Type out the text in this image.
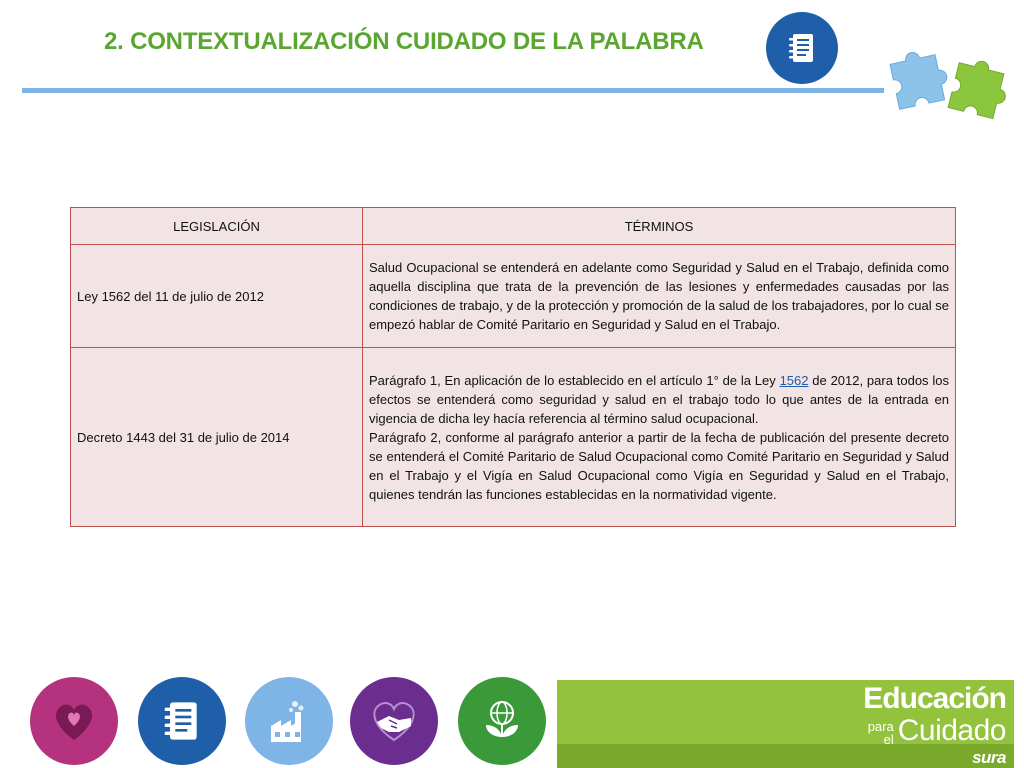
2. CONTEXTUALIZACIÓN CUIDADO DE LA PALABRA
LEGISLACIÓN	TÉRMINOS
Ley 1562 del 11 de julio de 2012	Salud Ocupacional se entenderá en adelante como Seguridad y Salud en el Trabajo, definida como aquella disciplina que trata de la prevención de las lesiones y enfermedades causadas por las condiciones de trabajo, y de la protección y promoción de la salud de los trabajadores, por lo cual se empezó hablar de Comité Paritario en Seguridad y Salud en el Trabajo.
Decreto 1443 del 31 de julio de 2014	Parágrafo 1, En aplicación de lo establecido en el artículo 1° de la Ley 1562 de 2012, para todos los efectos se entenderá como seguridad y salud en el trabajo todo lo que antes de la entrada en vigencia de dicha ley hacía referencia al término salud ocupacional.

Parágrafo 2, conforme al parágrafo anterior a partir de la fecha de publicación del presente decreto se entenderá el Comité Paritario de Salud Ocupacional como Comité Paritario en Seguridad y Salud en el Trabajo y el Vigía en Salud Ocupacional como Vigía en Seguridad y Salud en el Trabajo, quienes tendrán las funciones establecidas en la normatividad vigente.

Educación
para
el Cuidado
sura
